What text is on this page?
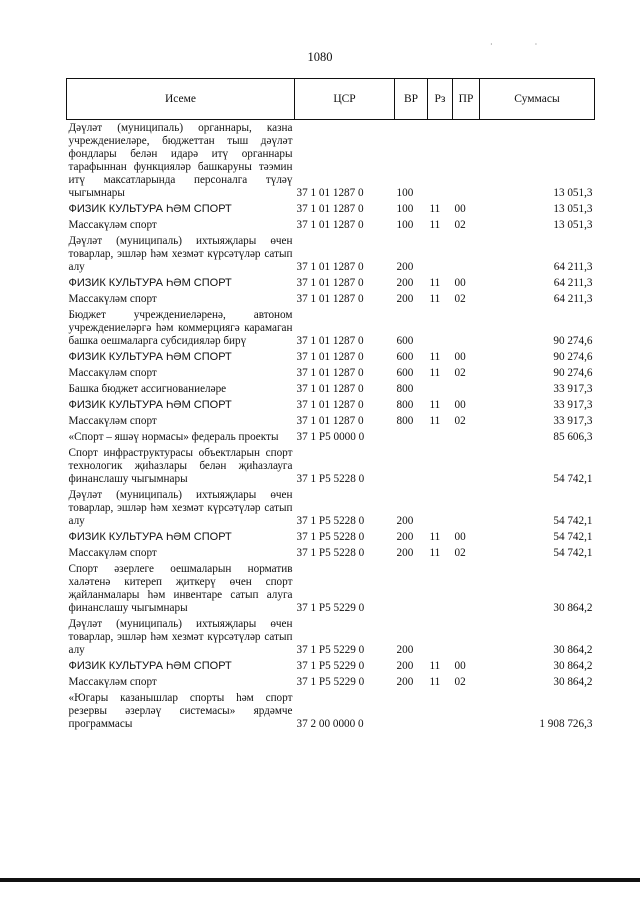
1080
· ·
Исеме	ЦСР	ВР	Рз	ПР	Суммасы
Дәүләт (муниципаль) органнары, казна учреждениеләре, бюджеттан тыш дәүләт фондлары белән идарә итү органнары тарафыннан функцияләр башкаруны тәэмин итү максатларында персоналга түләү чыгымнары	37 1 01 1287 0	100			13 051,3
ФИЗИК КУЛЬТУРА ҺӘМ СПОРТ	37 1 01 1287 0	100	11	00	13 051,3
Массакүләм спорт	37 1 01 1287 0	100	11	02	13 051,3
Дәүләт (муниципаль) ихтыяҗлары өчен товарлар, эшләр һәм хезмәт күрсәтүләр сатып алу	37 1 01 1287 0	200			64 211,3
ФИЗИК КУЛЬТУРА ҺӘМ СПОРТ	37 1 01 1287 0	200	11	00	64 211,3
Массакүләм спорт	37 1 01 1287 0	200	11	02	64 211,3
Бюджет учреждениеләренә, автоном учреждениеләргә һәм коммерциягә карамаган башка оешмаларга субсидияләр бирү	37 1 01 1287 0	600			90 274,6
ФИЗИК КУЛЬТУРА ҺӘМ СПОРТ	37 1 01 1287 0	600	11	00	90 274,6
Массакүләм спорт	37 1 01 1287 0	600	11	02	90 274,6
Башка бюджет ассигнованиеләре	37 1 01 1287 0	800			33 917,3
ФИЗИК КУЛЬТУРА ҺӘМ СПОРТ	37 1 01 1287 0	800	11	00	33 917,3
Массакүләм спорт	37 1 01 1287 0	800	11	02	33 917,3
«Спорт – яшәү нормасы» федераль проекты	37 1 P5 0000 0				85 606,3
Спорт инфраструктурасы объектларын спорт технологик җиһазлары белән җиһазлауга финанслашу чыгымнары	37 1 P5 5228 0				54 742,1
Дәүләт (муниципаль) ихтыяҗлары өчен товарлар, эшләр һәм хезмәт күрсәтүләр сатып алу	37 1 P5 5228 0	200			54 742,1
ФИЗИК КУЛЬТУРА ҺӘМ СПОРТ	37 1 P5 5228 0	200	11	00	54 742,1
Массакүләм спорт	37 1 P5 5228 0	200	11	02	54 742,1
Спорт әзерлеге оешмаларын норматив халәтенә китереп җиткерү өчен спорт җайланмалары һәм инвентаре сатып алуга финанслашу чыгымнары	37 1 P5 5229 0				30 864,2
Дәүләт (муниципаль) ихтыяҗлары өчен товарлар, эшләр һәм хезмәт күрсәтүләр сатып алу	37 1 P5 5229 0	200			30 864,2
ФИЗИК КУЛЬТУРА ҺӘМ СПОРТ	37 1 P5 5229 0	200	11	00	30 864,2
Массакүләм спорт	37 1 P5 5229 0	200	11	02	30 864,2
«Югары казанышлар спорты һәм спорт резервы әзерләү системасы» ярдәмче программасы	37 2 00 0000 0				1 908 726,3
